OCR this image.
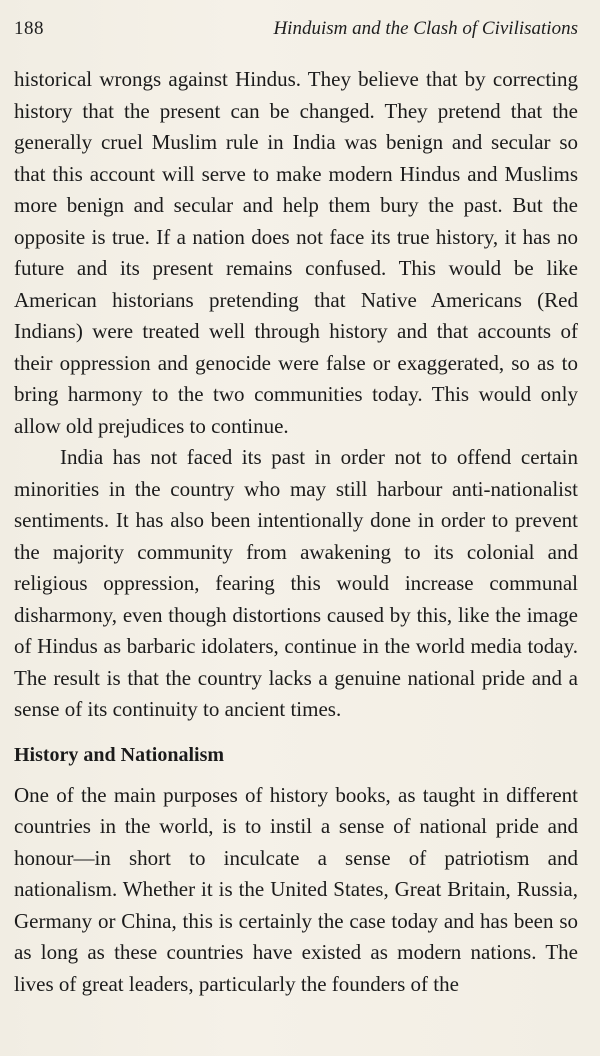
188	Hinduism and the Clash of Civilisations

historical wrongs against Hindus. They believe that by correcting history that the present can be changed. They pretend that the generally cruel Muslim rule in India was benign and secular so that this account will serve to make modern Hindus and Muslims more benign and secular and help them bury the past. But the opposite is true. If a nation does not face its true history, it has no future and its present remains confused. This would be like American historians pretending that Native Americans (Red Indians) were treated well through history and that accounts of their oppression and genocide were false or exaggerated, so as to bring harmony to the two communities today. This would only allow old prejudices to continue.

India has not faced its past in order not to offend certain minorities in the country who may still harbour anti-nationalist sentiments. It has also been intentionally done in order to prevent the majority community from awakening to its colonial and religious oppression, fearing this would increase communal disharmony, even though distortions caused by this, like the image of Hindus as barbaric idolaters, continue in the world media today. The result is that the country lacks a genuine national pride and a sense of its continuity to ancient times.

History and Nationalism

One of the main purposes of history books, as taught in different countries in the world, is to instil a sense of national pride and honour—in short to inculcate a sense of patriotism and nationalism. Whether it is the United States, Great Britain, Russia, Germany or China, this is certainly the case today and has been so as long as these countries have existed as modern nations. The lives of great leaders, particularly the founders of the
